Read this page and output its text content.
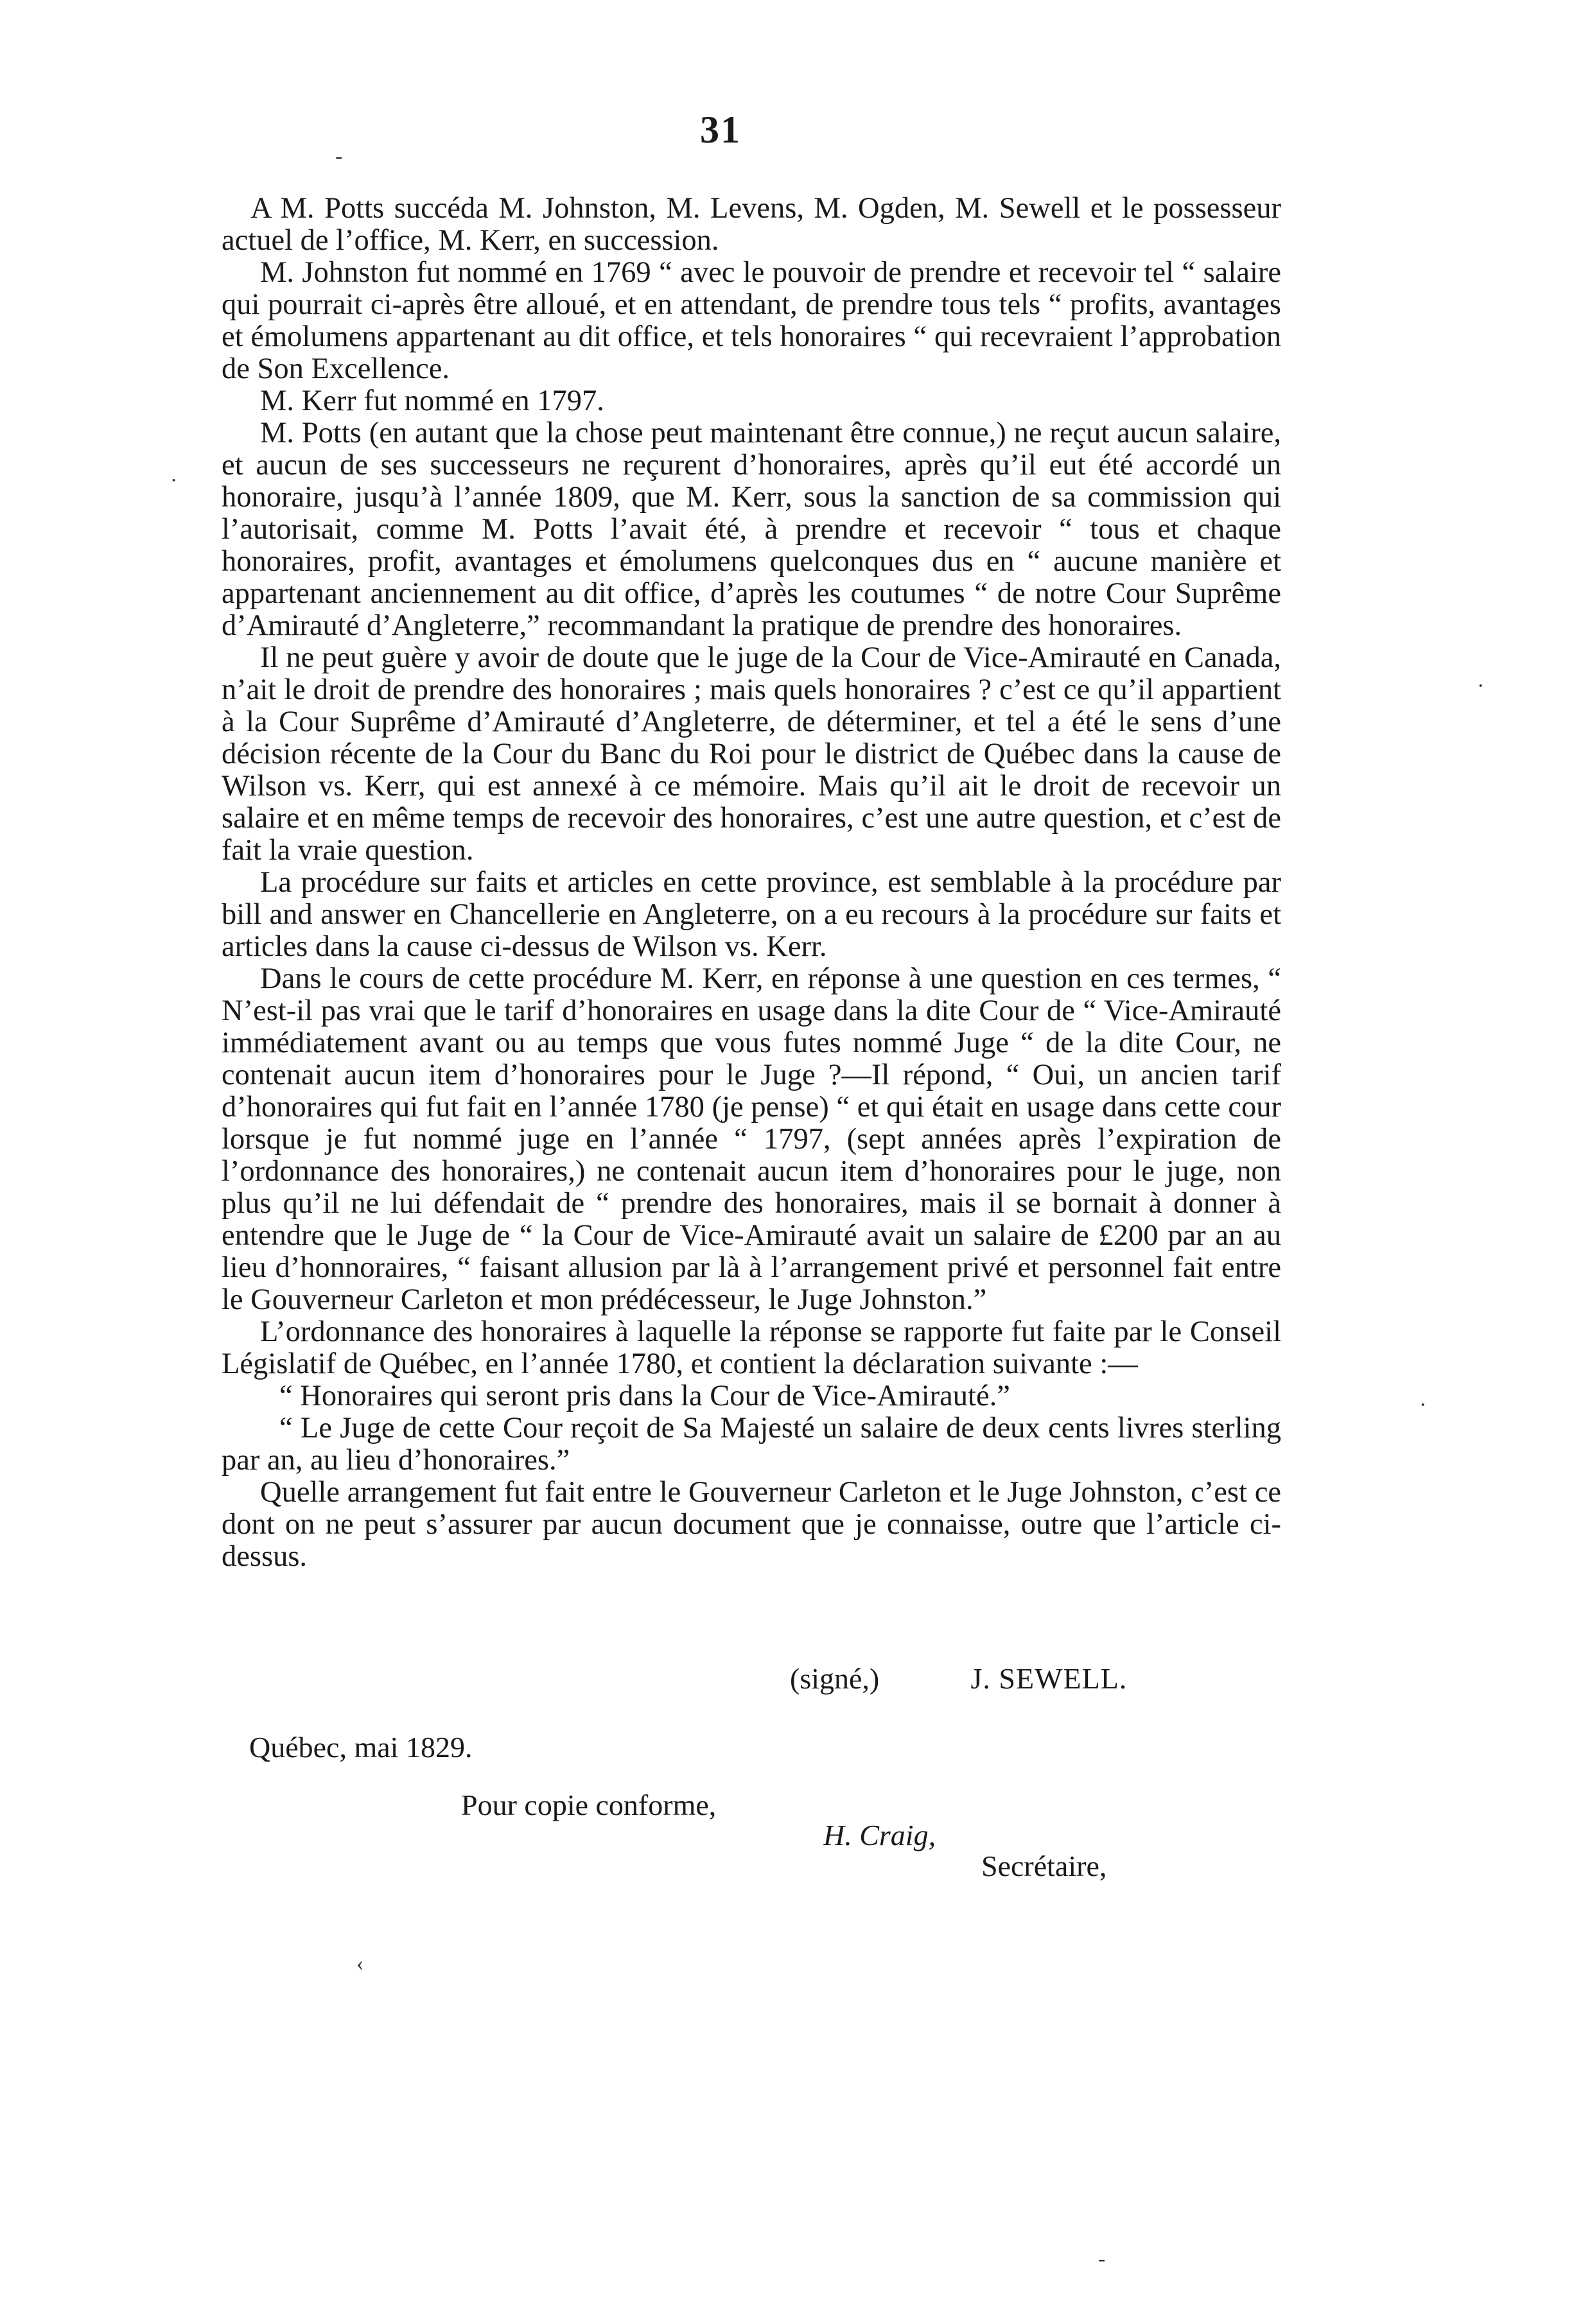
31

A M. Potts succéda M. Johnston, M. Levens, M. Ogden, M. Sewell et le possesseur actuel de l’office, M. Kerr, en succession.

M. Johnston fut nommé en 1769 “ avec le pouvoir de prendre et recevoir tel “ salaire qui pourrait ci-après être alloué, et en attendant, de prendre tous tels “ profits, avantages et émolumens appartenant au dit office, et tels honoraires “ qui recevraient l’approbation de Son Excellence.

M. Kerr fut nommé en 1797.

M. Potts (en autant que la chose peut maintenant être connue,) ne reçut aucun salaire, et aucun de ses successeurs ne reçurent d’honoraires, après qu’il eut été accordé un honoraire, jusqu’à l’année 1809, que M. Kerr, sous la sanction de sa commission qui l’autorisait, comme M. Potts l’avait été, à prendre et recevoir “ tous et chaque honoraires, profit, avantages et émolumens quelconques dus en “ aucune manière et appartenant anciennement au dit office, d’après les coutumes “ de notre Cour Suprême d’Amirauté d’Angleterre,” recommandant la pratique de prendre des honoraires.

Il ne peut guère y avoir de doute que le juge de la Cour de Vice-Amirauté en Canada, n’ait le droit de prendre des honoraires ; mais quels honoraires ? c’est ce qu’il appartient à la Cour Suprême d’Amirauté d’Angleterre, de déterminer, et tel a été le sens d’une décision récente de la Cour du Banc du Roi pour le district de Québec dans la cause de Wilson vs. Kerr, qui est annexé à ce mémoire. Mais qu’il ait le droit de recevoir un salaire et en même temps de recevoir des honoraires, c’est une autre question, et c’est de fait la vraie question.

La procédure sur faits et articles en cette province, est semblable à la procédure par bill and answer en Chancellerie en Angleterre, on a eu recours à la procédure sur faits et articles dans la cause ci-dessus de Wilson vs. Kerr.

Dans le cours de cette procédure M. Kerr, en réponse à une question en ces termes, “ N’est-il pas vrai que le tarif d’honoraires en usage dans la dite Cour de “ Vice-Amirauté immédiatement avant ou au temps que vous futes nommé Juge “ de la dite Cour, ne contenait aucun item d’honoraires pour le Juge ?—Il répond, “ Oui, un ancien tarif d’honoraires qui fut fait en l’année 1780 (je pense) “ et qui était en usage dans cette cour lorsque je fut nommé juge en l’année “ 1797, (sept années après l’expiration de l’ordonnance des honoraires,) ne contenait aucun item d’honoraires pour le juge, non plus qu’il ne lui défendait de “ prendre des honoraires, mais il se bornait à donner à entendre que le Juge de “ la Cour de Vice-Amirauté avait un salaire de £200 par an au lieu d’honnoraires, “ faisant allusion par là à l’arrangement privé et personnel fait entre le Gouverneur Carleton et mon prédécesseur, le Juge Johnston.”

L’ordonnance des honoraires à laquelle la réponse se rapporte fut faite par le Conseil Législatif de Québec, en l’année 1780, et contient la déclaration suivante :—

“ Honoraires qui seront pris dans la Cour de Vice-Amirauté.”

“ Le Juge de cette Cour reçoit de Sa Majesté un salaire de deux cents livres sterling par an, au lieu d’honoraires.”

Quelle arrangement fut fait entre le Gouverneur Carleton et le Juge Johnston, c’est ce dont on ne peut s’assurer par aucun document que je connaisse, outre que l’article ci-dessus.

(signé,)	J. SEWELL.
Québec, mai 1829.
Pour copie conforme,
H. Craig,
Secrétaire,
-
·
·
·
‹
-
